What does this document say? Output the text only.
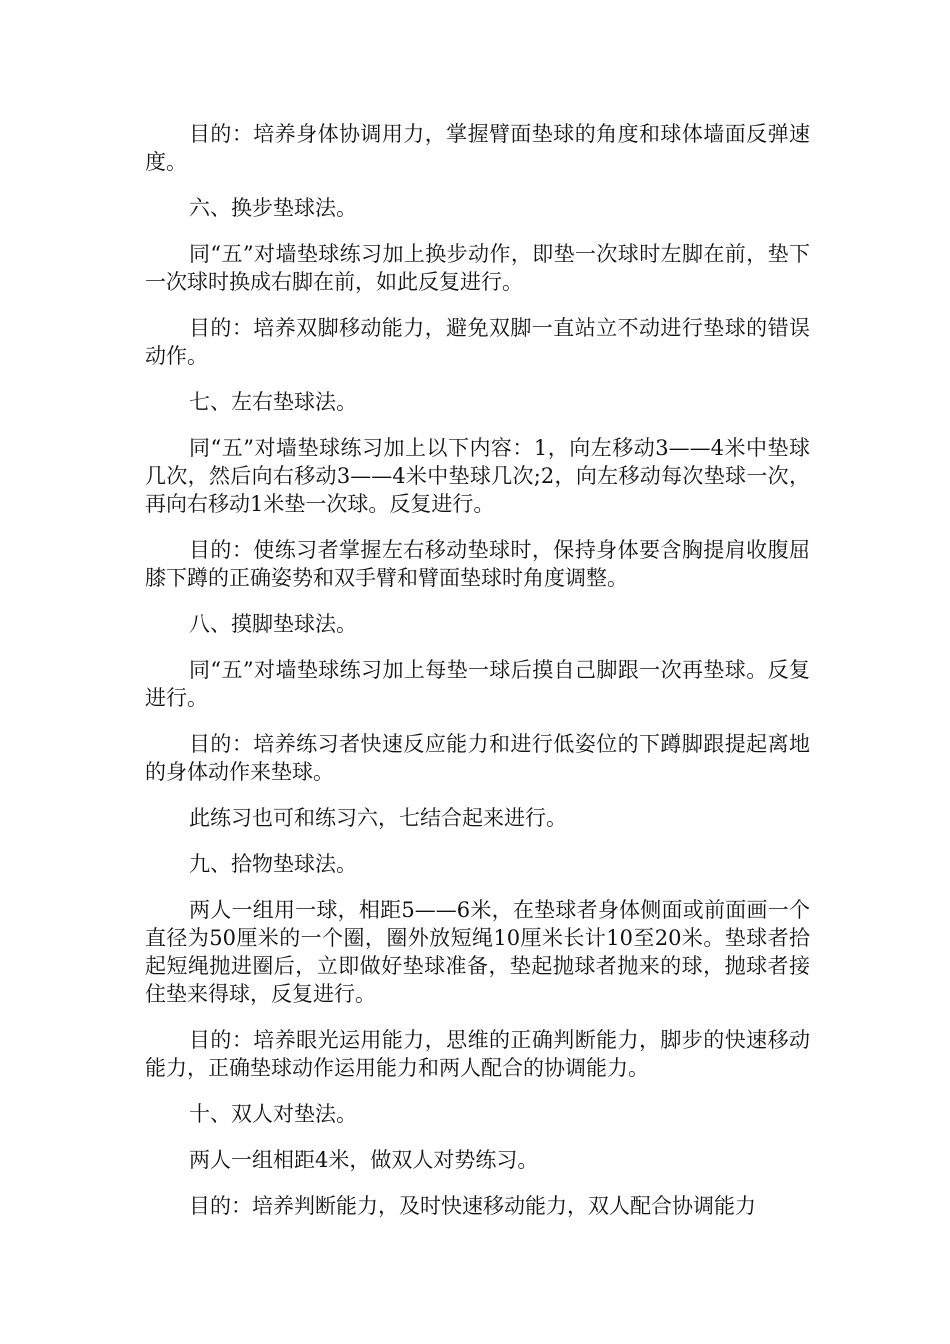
目的：培养身体协调用力，掌握臂面垫球的角度和球体墙面反弹速度。

六、换步垫球法。

同“五”对墙垫球练习加上换步动作，即垫一次球时左脚在前，垫下一次球时换成右脚在前，如此反复进行。

目的：培养双脚移动能力，避免双脚一直站立不动进行垫球的错误动作。

七、左右垫球法。

同“五”对墙垫球练习加上以下内容：1，向左移动3——4米中垫球几次，然后向右移动3——4米中垫球几次;2，向左移动每次垫球一次，再向右移动1米垫一次球。反复进行。

目的：使练习者掌握左右移动垫球时，保持身体要含胸提肩收腹屈膝下蹲的正确姿势和双手臂和臂面垫球时角度调整。

八、摸脚垫球法。

同“五”对墙垫球练习加上每垫一球后摸自己脚跟一次再垫球。反复进行。

目的：培养练习者快速反应能力和进行低姿位的下蹲脚跟提起离地的身体动作来垫球。

此练习也可和练习六，七结合起来进行。

九、拾物垫球法。

两人一组用一球，相距5——6米，在垫球者身体侧面或前面画一个直径为50厘米的一个圈，圈外放短绳10厘米长计10至20米。垫球者拾起短绳抛进圈后，立即做好垫球准备，垫起抛球者抛来的球，抛球者接住垫来得球，反复进行。

目的：培养眼光运用能力，思维的正确判断能力，脚步的快速移动能力，正确垫球动作运用能力和两人配合的协调能力。

十、双人对垫法。

两人一组相距4米，做双人对势练习。

目的：培养判断能力，及时快速移动能力，双人配合协调能力
